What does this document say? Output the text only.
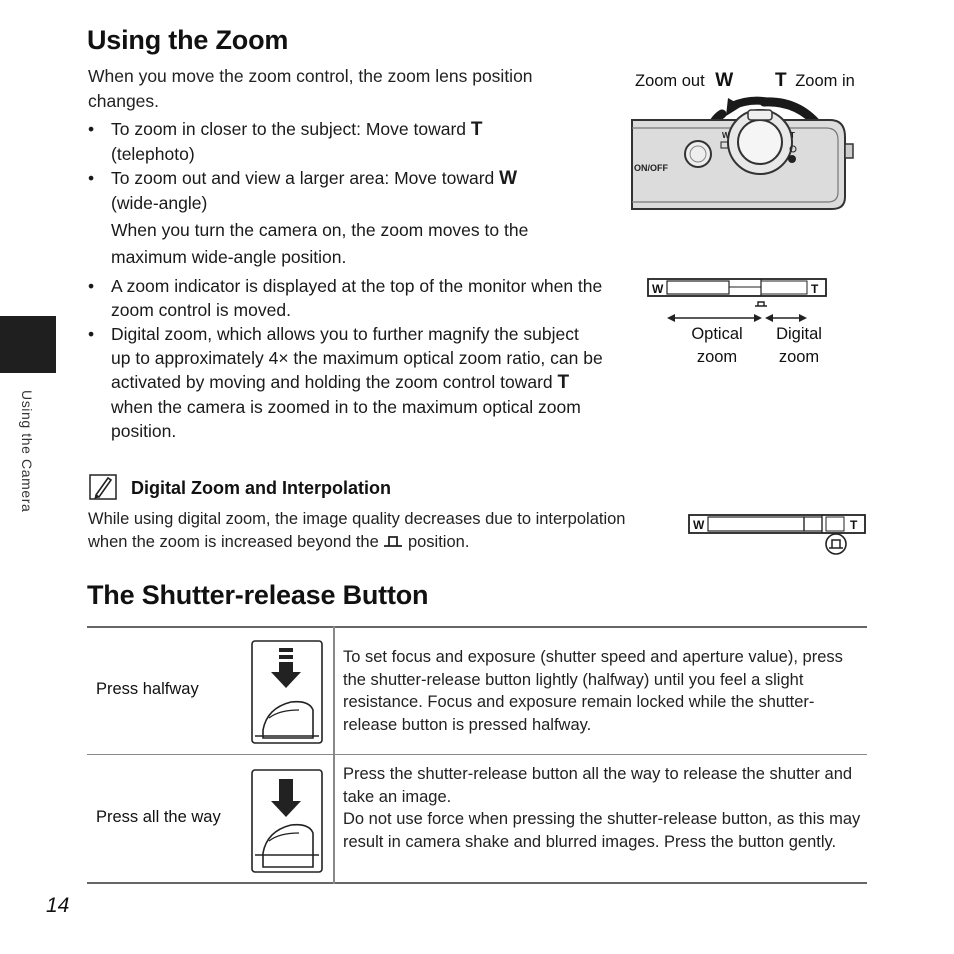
Using the Zoom
When you move the zoom control, the zoom lens position changes.
• To zoom in closer to the subject: Move toward T
(telephoto)
• To zoom out and view a larger area: Move toward W
(wide-angle)
When you turn the camera on, the zoom moves to the maximum wide-angle position.
• A zoom indicator is displayed at the top of the monitor when the zoom control is moved.
• Digital zoom, which allows you to further magnify the subject up to approximately 4× the maximum optical zoom ratio, can be activated by moving and holding the zoom control toward T when the camera is zoomed in to the maximum optical zoom position.
Zoom out W T Zoom in
ON/OFF
W	T
W	T
Optical
zoom
Digital
zoom
Using the Camera	Digital Zoom and Interpolation
While using digital zoom, the image quality decreases due to interpolation when the zoom is increased beyond the position.
W	T
The Shutter-release Button
Press halfway
To set focus and exposure (shutter speed and aperture value), press the shutter-release button lightly (halfway) until you feel a slight resistance. Focus and exposure remain locked while the shutter-release button is pressed halfway.
Press all the way
Press the shutter-release button all the way to release the shutter and take an image.
Do not use force when pressing the shutter-release button, as this may result in camera shake and blurred images. Press the button gently.
14
